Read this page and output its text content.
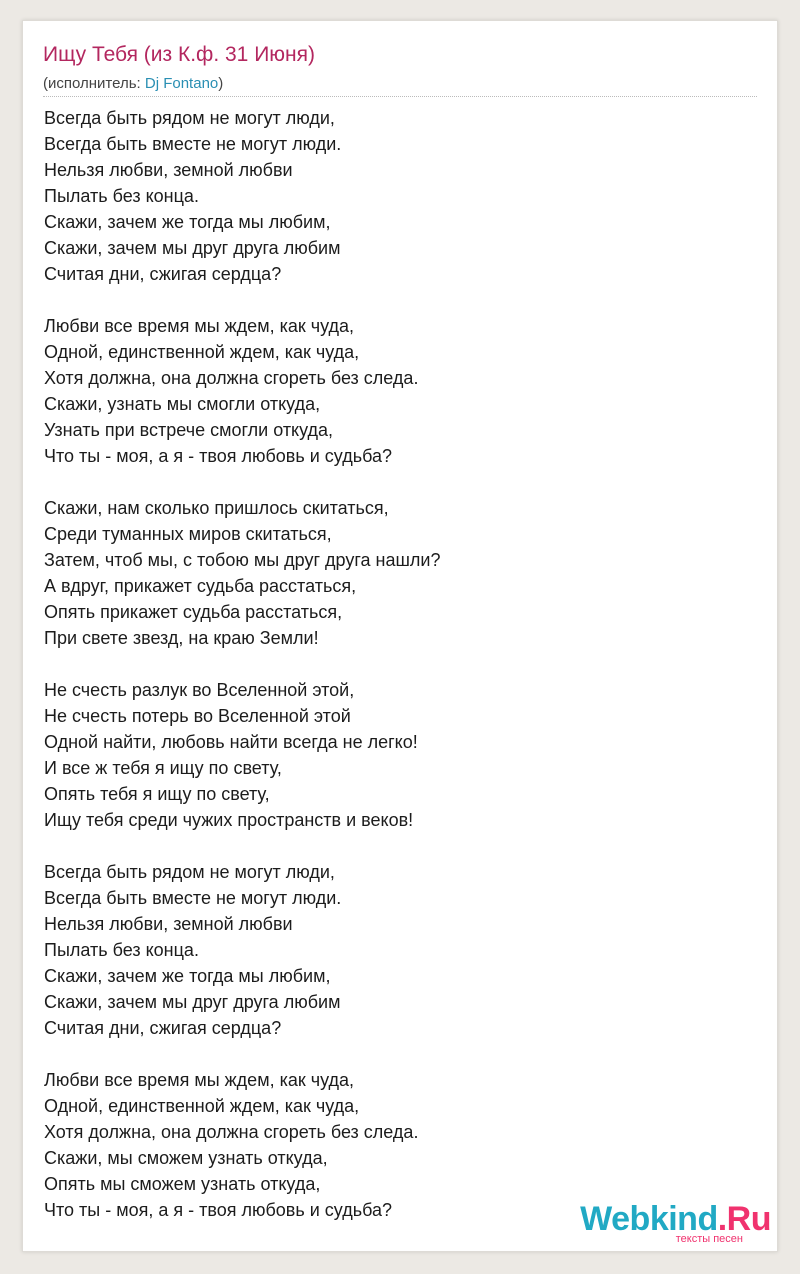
Ищу Тебя (из К.ф. 31 Июня)
(исполнитель: Dj Fontano)
Всегда быть рядом не могут люди,
Всегда быть вместе не могут люди.
Нельзя любви, земной любви
Пылать без конца.
Скажи, зачем же тогда мы любим,
Скажи, зачем мы друг друга любим
Считая дни, сжигая сердца?
Любви все время мы ждем, как чуда,
Одной, единственной ждем, как чуда,
Хотя должна, она должна сгореть без следа.
Скажи, узнать мы смогли откуда,
Узнать при встрече смогли откуда,
Что ты - моя, а я - твоя любовь и судьба?
Скажи, нам сколько пришлось скитаться,
Среди туманных миров скитаться,
Затем, чтоб мы, с тобою мы друг друга нашли?
А вдруг, прикажет судьба расстаться,
Опять прикажет судьба расстаться,
При свете звезд, на краю Земли!
Не счесть разлук во Вселенной этой,
Не счесть потерь во Вселенной этой
Одной найти, любовь найти всегда не легко!
И все ж тебя я ищу по свету,
Опять тебя я ищу по свету,
Ищу тебя среди чужих пространств и веков!
Всегда быть рядом не могут люди,
Всегда быть вместе не могут люди.
Нельзя любви, земной любви
Пылать без конца.
Скажи, зачем же тогда мы любим,
Скажи, зачем мы друг друга любим
Считая дни, сжигая сердца?
Любви все время мы ждем, как чуда,
Одной, единственной ждем, как чуда,
Хотя должна, она должна сгореть без следа.
Скажи, мы сможем узнать откуда,
Опять мы сможем узнать откуда,
Что ты - моя, а я - твоя любовь и судьба?	Webkind.Ru
тексты песен
